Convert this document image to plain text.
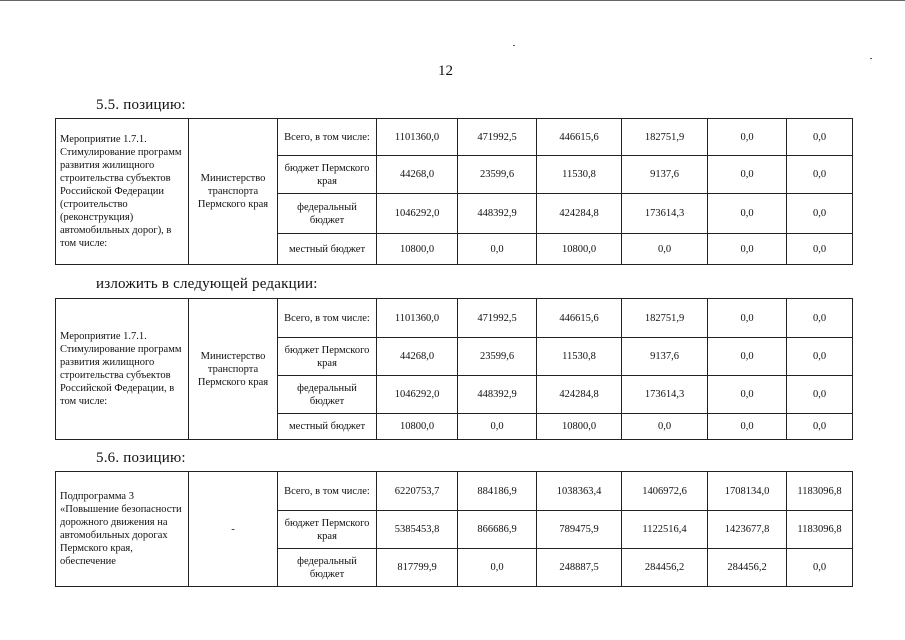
12
5.5. позицию:
Мероприятие 1.7.1. Стимулирование программ развития жилищного строительства субъектов Российской Федерации (строительство (реконструкция) автомобильных дорог), в том числе:	Министерство транспорта Пермского края	Всего, в том числе:	1101360,0	471992,5	446615,6	182751,9	0,0	0,0
		бюджет Пермского края	44268,0	23599,6	11530,8	9137,6	0,0	0,0
		федеральный бюджет	1046292,0	448392,9	424284,8	173614,3	0,0	0,0
		местный бюджет	10800,0	0,0	10800,0	0,0	0,0	0,0
изложить в следующей редакции:
Мероприятие 1.7.1. Стимулирование программ развития жилищного строительства субъектов Российской Федерации, в том числе:	Министерство транспорта Пермского края	Всего, в том числе:	1101360,0	471992,5	446615,6	182751,9	0,0	0,0
		бюджет Пермского края	44268,0	23599,6	11530,8	9137,6	0,0	0,0
		федеральный бюджет	1046292,0	448392,9	424284,8	173614,3	0,0	0,0
		местный бюджет	10800,0	0,0	10800,0	0,0	0,0	0,0
5.6. позицию:
Подпрограмма 3 «Повышение безопасности дорожного движения на автомобильных дорогах Пермского края, обеспечение	-	Всего, в том числе:	6220753,7	884186,9	1038363,4	1406972,6	1708134,0	1183096,8
		бюджет Пермского края	5385453,8	866686,9	789475,9	1122516,4	1423677,8	1183096,8
		федеральный бюджет	817799,9	0,0	248887,5	284456,2	284456,2	0,0
